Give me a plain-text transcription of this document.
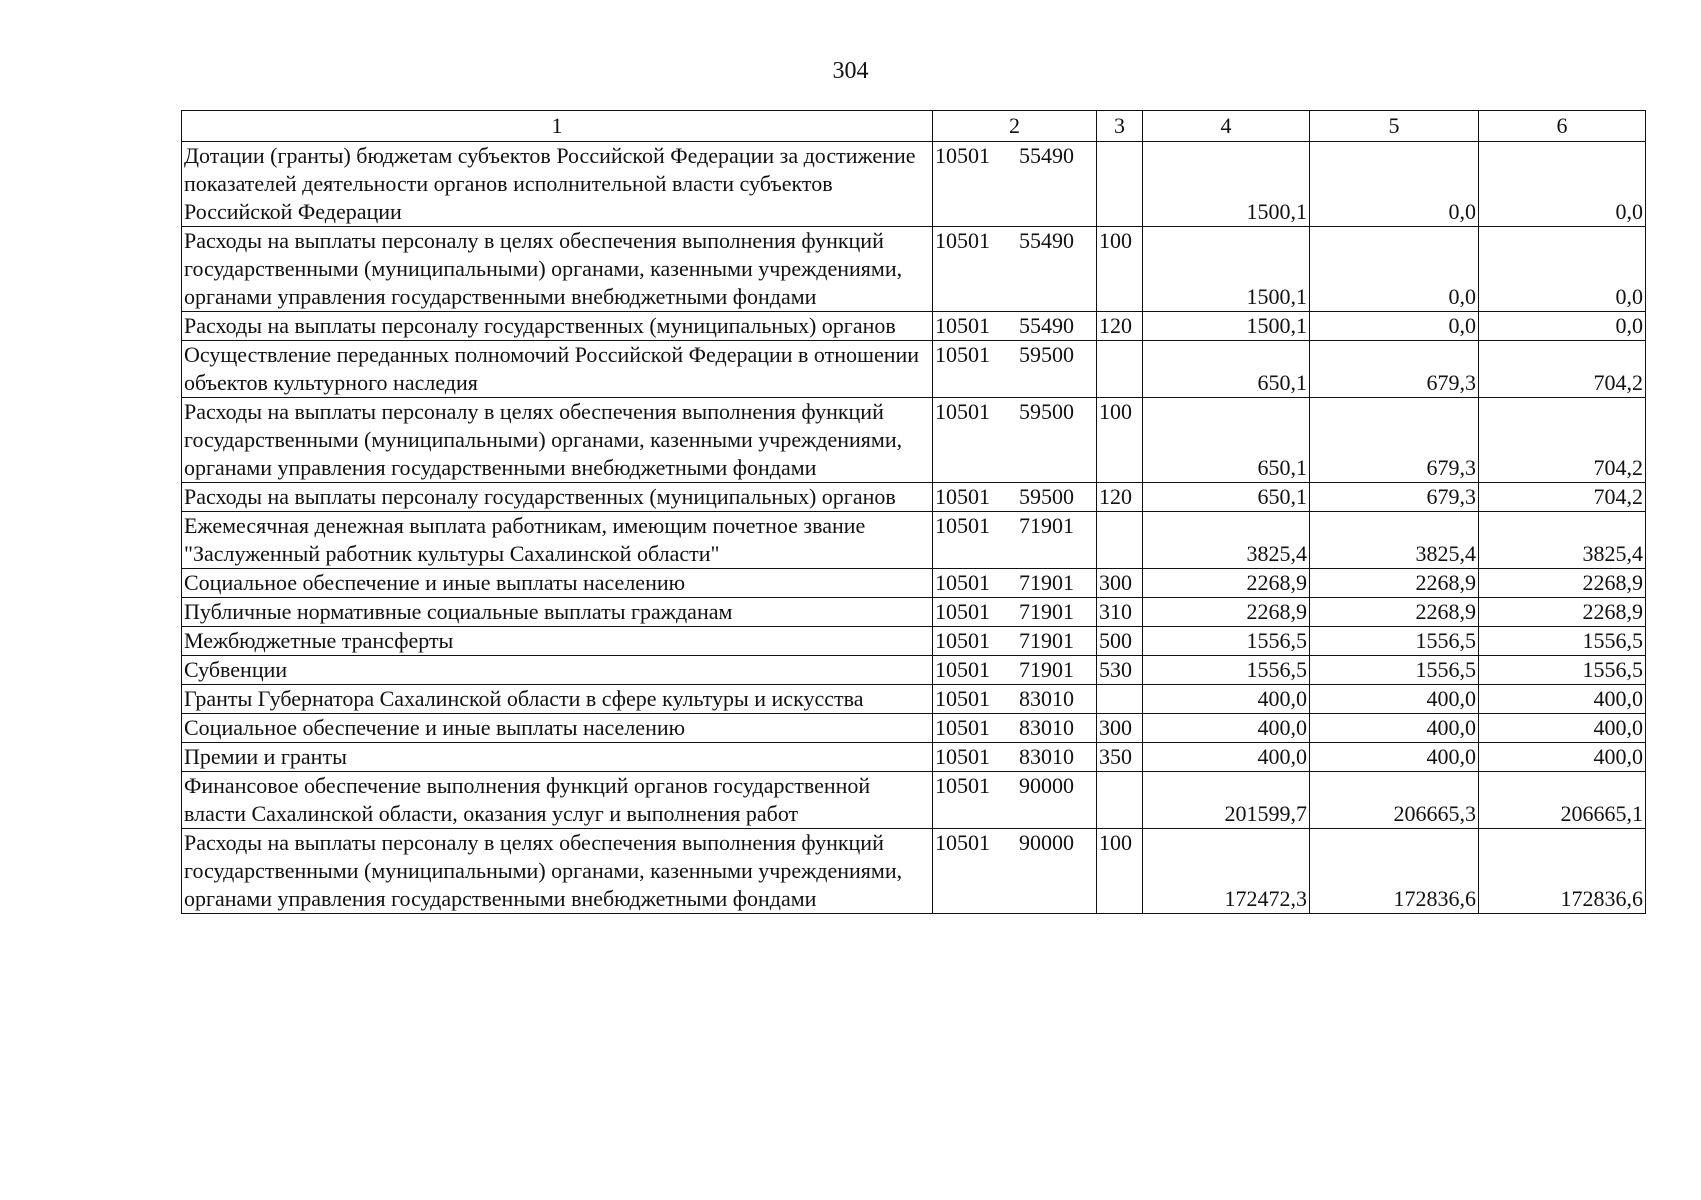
304
1	2	3	4	5	6
Дотации (гранты) бюджетам субъектов Российской Федерации за достижение показателей деятельности органов исполнительной власти субъектов Российской Федерации	10501 55490		1500,1	0,0	0,0
Расходы на выплаты персоналу в целях обеспечения выполнения функций государственными (муниципальными) органами, казенными учреждениями, органами управления государственными внебюджетными фондами	10501 55490	100	1500,1	0,0	0,0
Расходы на выплаты персоналу государственных (муниципальных) органов	10501 55490	120	1500,1	0,0	0,0
Осуществление переданных полномочий Российской Федерации в отношении объектов культурного наследия	10501 59500		650,1	679,3	704,2
Расходы на выплаты персоналу в целях обеспечения выполнения функций государственными (муниципальными) органами, казенными учреждениями, органами управления государственными внебюджетными фондами	10501 59500	100	650,1	679,3	704,2
Расходы на выплаты персоналу государственных (муниципальных) органов	10501 59500	120	650,1	679,3	704,2
Ежемесячная денежная выплата работникам, имеющим почетное звание "Заслуженный работник культуры Сахалинской области"	10501 71901		3825,4	3825,4	3825,4
Социальное обеспечение и иные выплаты населению	10501 71901	300	2268,9	2268,9	2268,9
Публичные нормативные социальные выплаты гражданам	10501 71901	310	2268,9	2268,9	2268,9
Межбюджетные трансферты	10501 71901	500	1556,5	1556,5	1556,5
Субвенции	10501 71901	530	1556,5	1556,5	1556,5
Гранты Губернатора Сахалинской области в сфере культуры и искусства	10501 83010		400,0	400,0	400,0
Социальное обеспечение и иные выплаты населению	10501 83010	300	400,0	400,0	400,0
Премии и гранты	10501 83010	350	400,0	400,0	400,0
Финансовое обеспечение выполнения функций органов государственной власти Сахалинской области, оказания услуг и выполнения работ	10501 90000		201599,7	206665,3	206665,1
Расходы на выплаты персоналу в целях обеспечения выполнения функций государственными (муниципальными) органами, казенными учреждениями, органами управления государственными внебюджетными фондами	10501 90000	100	172472,3	172836,6	172836,6
